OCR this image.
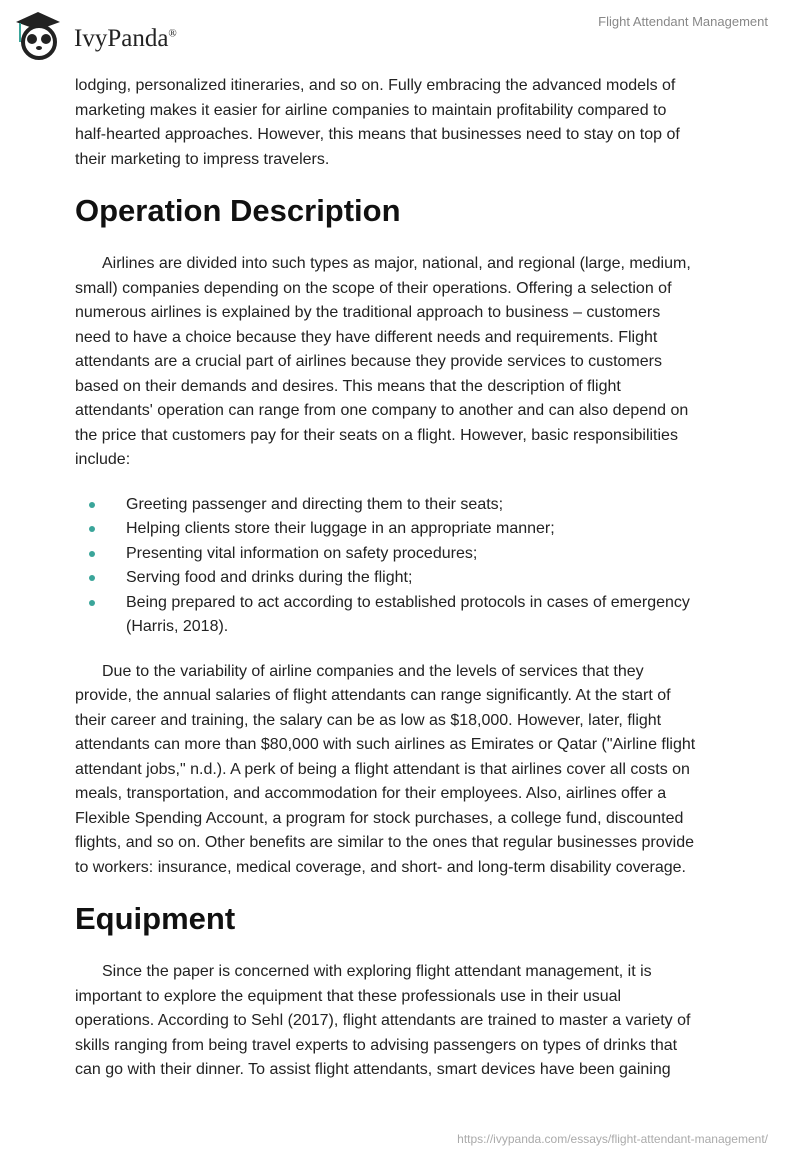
IvyPanda®
Flight Attendant Management
lodging, personalized itineraries, and so on. Fully embracing the advanced models of
marketing makes it easier for airline companies to maintain profitability compared to
half-hearted approaches. However, this means that businesses need to stay on top of
their marketing to impress travelers.
Operation Description
Airlines are divided into such types as major, national, and regional (large, medium,
small) companies depending on the scope of their operations. Offering a selection of
numerous airlines is explained by the traditional approach to business – customers
need to have a choice because they have different needs and requirements. Flight
attendants are a crucial part of airlines because they provide services to customers
based on their demands and desires. This means that the description of flight
attendants' operation can range from one company to another and can also depend on
the price that customers pay for their seats on a flight. However, basic responsibilities
include:
Greeting passenger and directing them to their seats;
Helping clients store their luggage in an appropriate manner;
Presenting vital information on safety procedures;
Serving food and drinks during the flight;
Being prepared to act according to established protocols in cases of emergency
(Harris, 2018).
Due to the variability of airline companies and the levels of services that they
provide, the annual salaries of flight attendants can range significantly. At the start of
their career and training, the salary can be as low as $18,000. However, later, flight
attendants can more than $80,000 with such airlines as Emirates or Qatar ("Airline flight
attendant jobs," n.d.). A perk of being a flight attendant is that airlines cover all costs on
meals, transportation, and accommodation for their employees. Also, airlines offer a
Flexible Spending Account, a program for stock purchases, a college fund, discounted
flights, and so on. Other benefits are similar to the ones that regular businesses provide
to workers: insurance, medical coverage, and short- and long-term disability coverage.
Equipment
Since the paper is concerned with exploring flight attendant management, it is
important to explore the equipment that these professionals use in their usual
operations. According to Sehl (2017), flight attendants are trained to master a variety of
skills ranging from being travel experts to advising passengers on types of drinks that
can go with their dinner. To assist flight attendants, smart devices have been gaining
https://ivypanda.com/essays/flight-attendant-management/
